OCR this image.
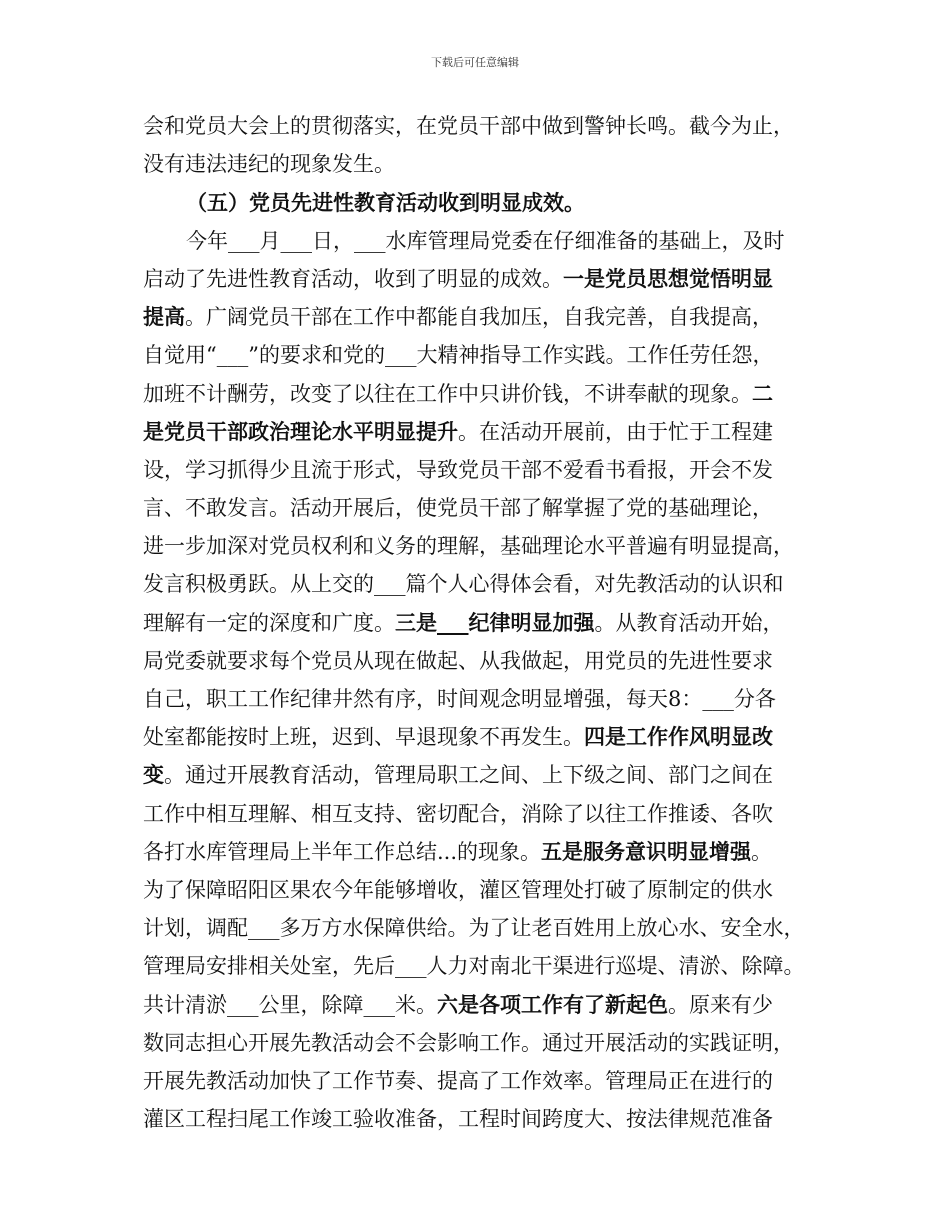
下载后可任意编辑
会和党员大会上的贯彻落实，在党员干部中做到警钟长鸣。截今为止，
没有违法违纪的现象发生。
（五）党员先进性教育活动收到明显成效。
今年___月___日，___水库管理局党委在仔细准备的基础上，及时
启动了先进性教育活动，收到了明显的成效。一是党员思想觉悟明显
提高。广阔党员干部在工作中都能自我加压，自我完善，自我提高，
自觉用“___”的要求和党的___大精神指导工作实践。工作任劳任怨，
加班不计酬劳，改变了以往在工作中只讲价钱，不讲奉献的现象。二
是党员干部政治理论水平明显提升。在活动开展前，由于忙于工程建
设，学习抓得少且流于形式，导致党员干部不爱看书看报，开会不发
言、不敢发言。活动开展后，使党员干部了解掌握了党的基础理论，
进一步加深对党员权利和义务的理解，基础理论水平普遍有明显提高，
发言积极勇跃。从上交的___篇个人心得体会看，对先教活动的认识和
理解有一定的深度和广度。三是___纪律明显加强。从教育活动开始，
局党委就要求每个党员从现在做起、从我做起，用党员的先进性要求
自己，职工工作纪律井然有序，时间观念明显增强，每天8：___分各
处室都能按时上班，迟到、早退现象不再发生。四是工作作风明显改
变。通过开展教育活动，管理局职工之间、上下级之间、部门之间在
工作中相互理解、相互支持、密切配合，消除了以往工作推诿、各吹
各打水库管理局上半年工作总结...的现象。五是服务意识明显增强。
为了保障昭阳区果农今年能够增收，灌区管理处打破了原制定的供水
计划，调配___多万方水保障供给。为了让老百姓用上放心水、安全水，
管理局安排相关处室，先后___人力对南北干渠进行巡堤、清淤、除障。
共计清淤___公里，除障___米。六是各项工作有了新起色。原来有少
数同志担心开展先教活动会不会影响工作。通过开展活动的实践证明，
开展先教活动加快了工作节奏、提高了工作效率。管理局正在进行的
灌区工程扫尾工作竣工验收准备，工程时间跨度大、按法律规范准备
